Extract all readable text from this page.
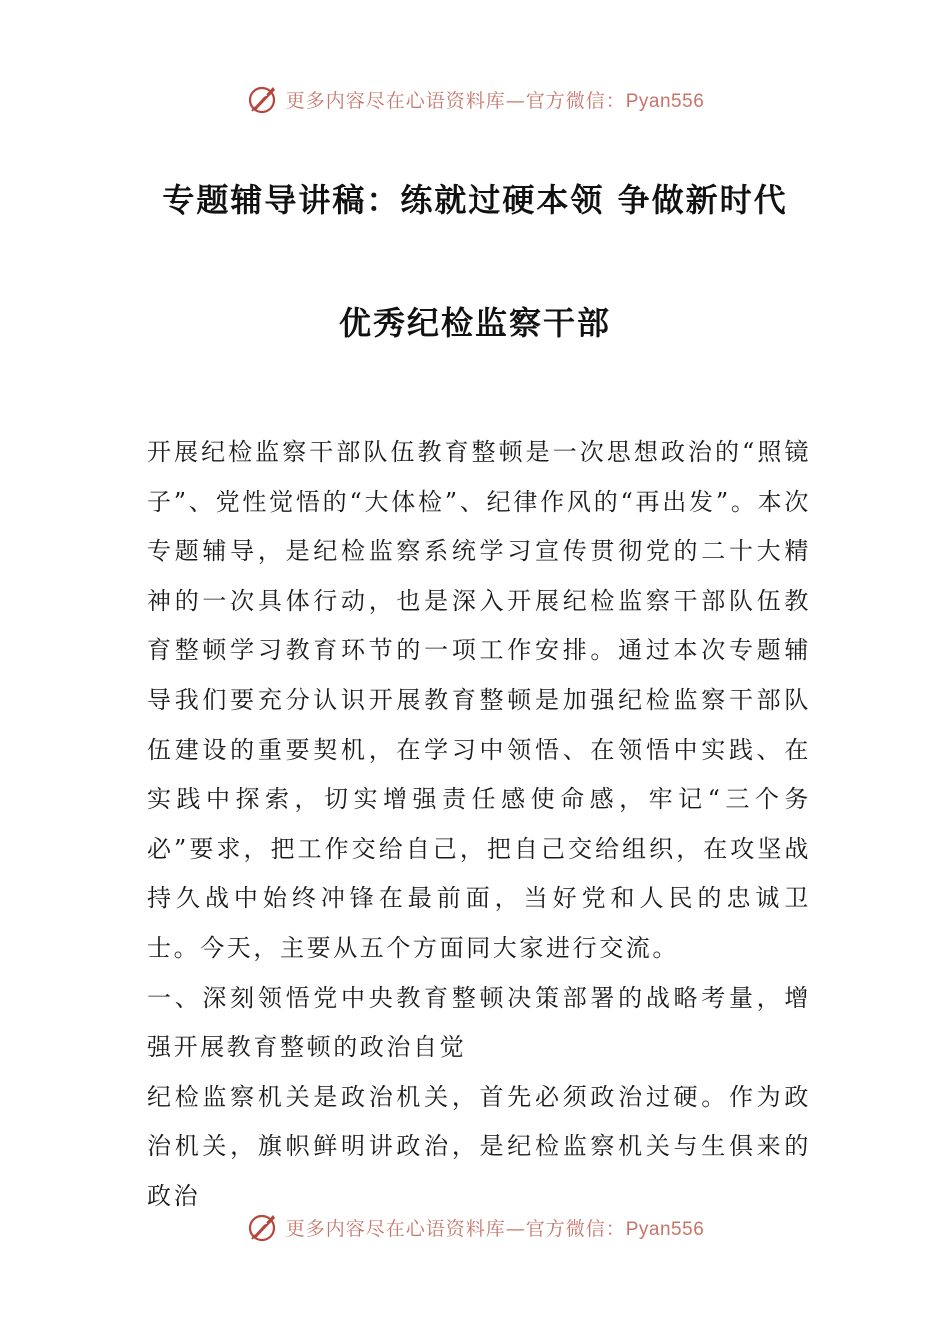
更多内容尽在心语资料库—官方微信：Pyan556
专题辅导讲稿：练就过硬本领 争做新时代
优秀纪检监察干部

开展纪检监察干部队伍教育整顿是一次思想政治的“照镜子”、党性觉悟的“大体检”、纪律作风的“再出发”。本次专题辅导，是纪检监察系统学习宣传贯彻党的二十大精神的一次具体行动，也是深入开展纪检监察干部队伍教育整顿学习教育环节的一项工作安排。通过本次专题辅导我们要充分认识开展教育整顿是加强纪检监察干部队伍建设的重要契机，在学习中领悟、在领悟中实践、在实践中探索，切实增强责任感使命感，牢记“三个务必”要求，把工作交给自己，把自己交给组织，在攻坚战持久战中始终冲锋在最前面，当好党和人民的忠诚卫士。今天，主要从五个方面同大家进行交流。

一、深刻领悟党中央教育整顿决策部署的战略考量，增强开展教育整顿的政治自觉

纪检监察机关是政治机关，首先必须政治过硬。作为政治机关，旗帜鲜明讲政治，是纪检监察机关与生俱来的政治

更多内容尽在心语资料库—官方微信：Pyan556
